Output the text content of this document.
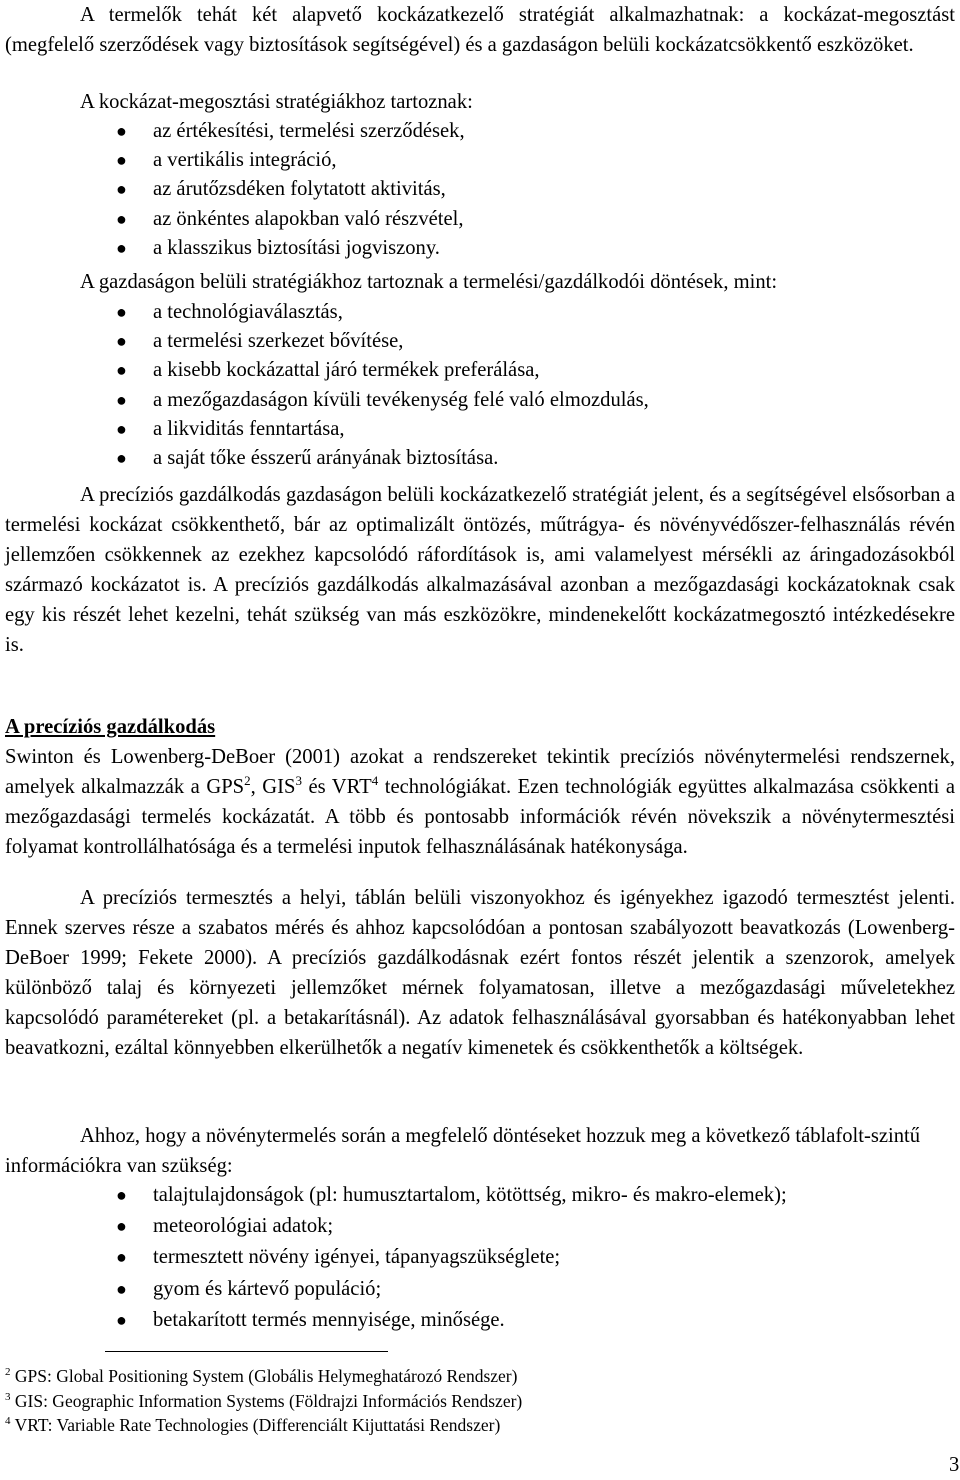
A termelők tehát két alapvető kockázatkezelő stratégiát alkalmazhatnak: a kockázat-megosztást (megfelelő szerződések vagy biztosítások segítségével) és a gazdaságon belüli kockázatcsökkentő eszközöket.

A kockázat-megosztási stratégiákhoz tartoznak:

● az értékesítési, termelési szerződések,
● a vertikális integráció,
● az árutőzsdéken folytatott aktivitás,
● az önkéntes alapokban való részvétel,
● a klasszikus biztosítási jogviszony.

A gazdaságon belüli stratégiákhoz tartoznak a termelési/gazdálkodói döntések, mint:

● a technológiaválasztás,
● a termelési szerkezet bővítése,
● a kisebb kockázattal járó termékek preferálása,
● a mezőgazdaságon kívüli tevékenység felé való elmozdulás,
● a likviditás fenntartása,
● a saját tőke ésszerű arányának biztosítása.

A precíziós gazdálkodás gazdaságon belüli kockázatkezelő stratégiát jelent, és a segítségével elsősorban a termelési kockázat csökkenthető, bár az optimalizált öntözés, műtrágya- és növényvédőszer-felhasználás révén jellemzően csökkennek az ezekhez kapcsolódó ráfordítások is, ami valamelyest mérsékli az áringadozásokból származó kockázatot is. A precíziós gazdálkodás alkalmazásával azonban a mezőgazdasági kockázatoknak csak egy kis részét lehet kezelni, tehát szükség van más eszközökre, mindenekelőtt kockázatmegosztó intézkedésekre is.

A precíziós gazdálkodás

Swinton és Lowenberg-DeBoer (2001) azokat a rendszereket tekintik precíziós növénytermelési rendszernek, amelyek alkalmazzák a GPS$^2$, GIS$^3$ és VRT$^4$ technológiákat. Ezen technológiák együttes alkalmazása csökkenti a mezőgazdasági termelés kockázatát. A több és pontosabb információk révén növekszik a növénytermesztési folyamat kontrollálhatósága és a termelési inputok felhasználásának hatékonysága.

A precíziós termesztés a helyi, táblán belüli viszonyokhoz és igényekhez igazodó termesztést jelenti. Ennek szerves része a szabatos mérés és ahhoz kapcsolódóan a pontosan szabályozott beavatkozás (Lowenberg-DeBoer 1999; Fekete 2000). A precíziós gazdálkodásnak ezért fontos részét jelentik a szenzorok, amelyek különböző talaj és környezeti jellemzőket mérnek folyamatosan, illetve a mezőgazdasági műveletekhez kapcsolódó paramétereket (pl. a betakarításnál). Az adatok felhasználásával gyorsabban és hatékonyabban lehet beavatkozni, ezáltal könnyebben elkerülhetők a negatív kimenetek és csökkenthetők a költségek.

Ahhoz, hogy a növénytermelés során a megfelelő döntéseket hozzuk meg a következő táblafolt-szintű információkra van szükség:

● talajtulajdonságok (pl: humusztartalom, kötöttség, mikro- és makro-elemek);
● meteorológiai adatok;
● termesztett növény igényei, tápanyagszükséglete;
● gyom és kártevő populáció;
● betakarított termés mennyisége, minősége.
$^2$ GPS: Global Positioning System (Globális Helymeghatározó Rendszer)
$^3$ GIS: Geographic Information Systems (Földrajzi Információs Rendszer)
$^4$ VRT: Variable Rate Technologies (Differenciált Kijuttatási Rendszer)
3
